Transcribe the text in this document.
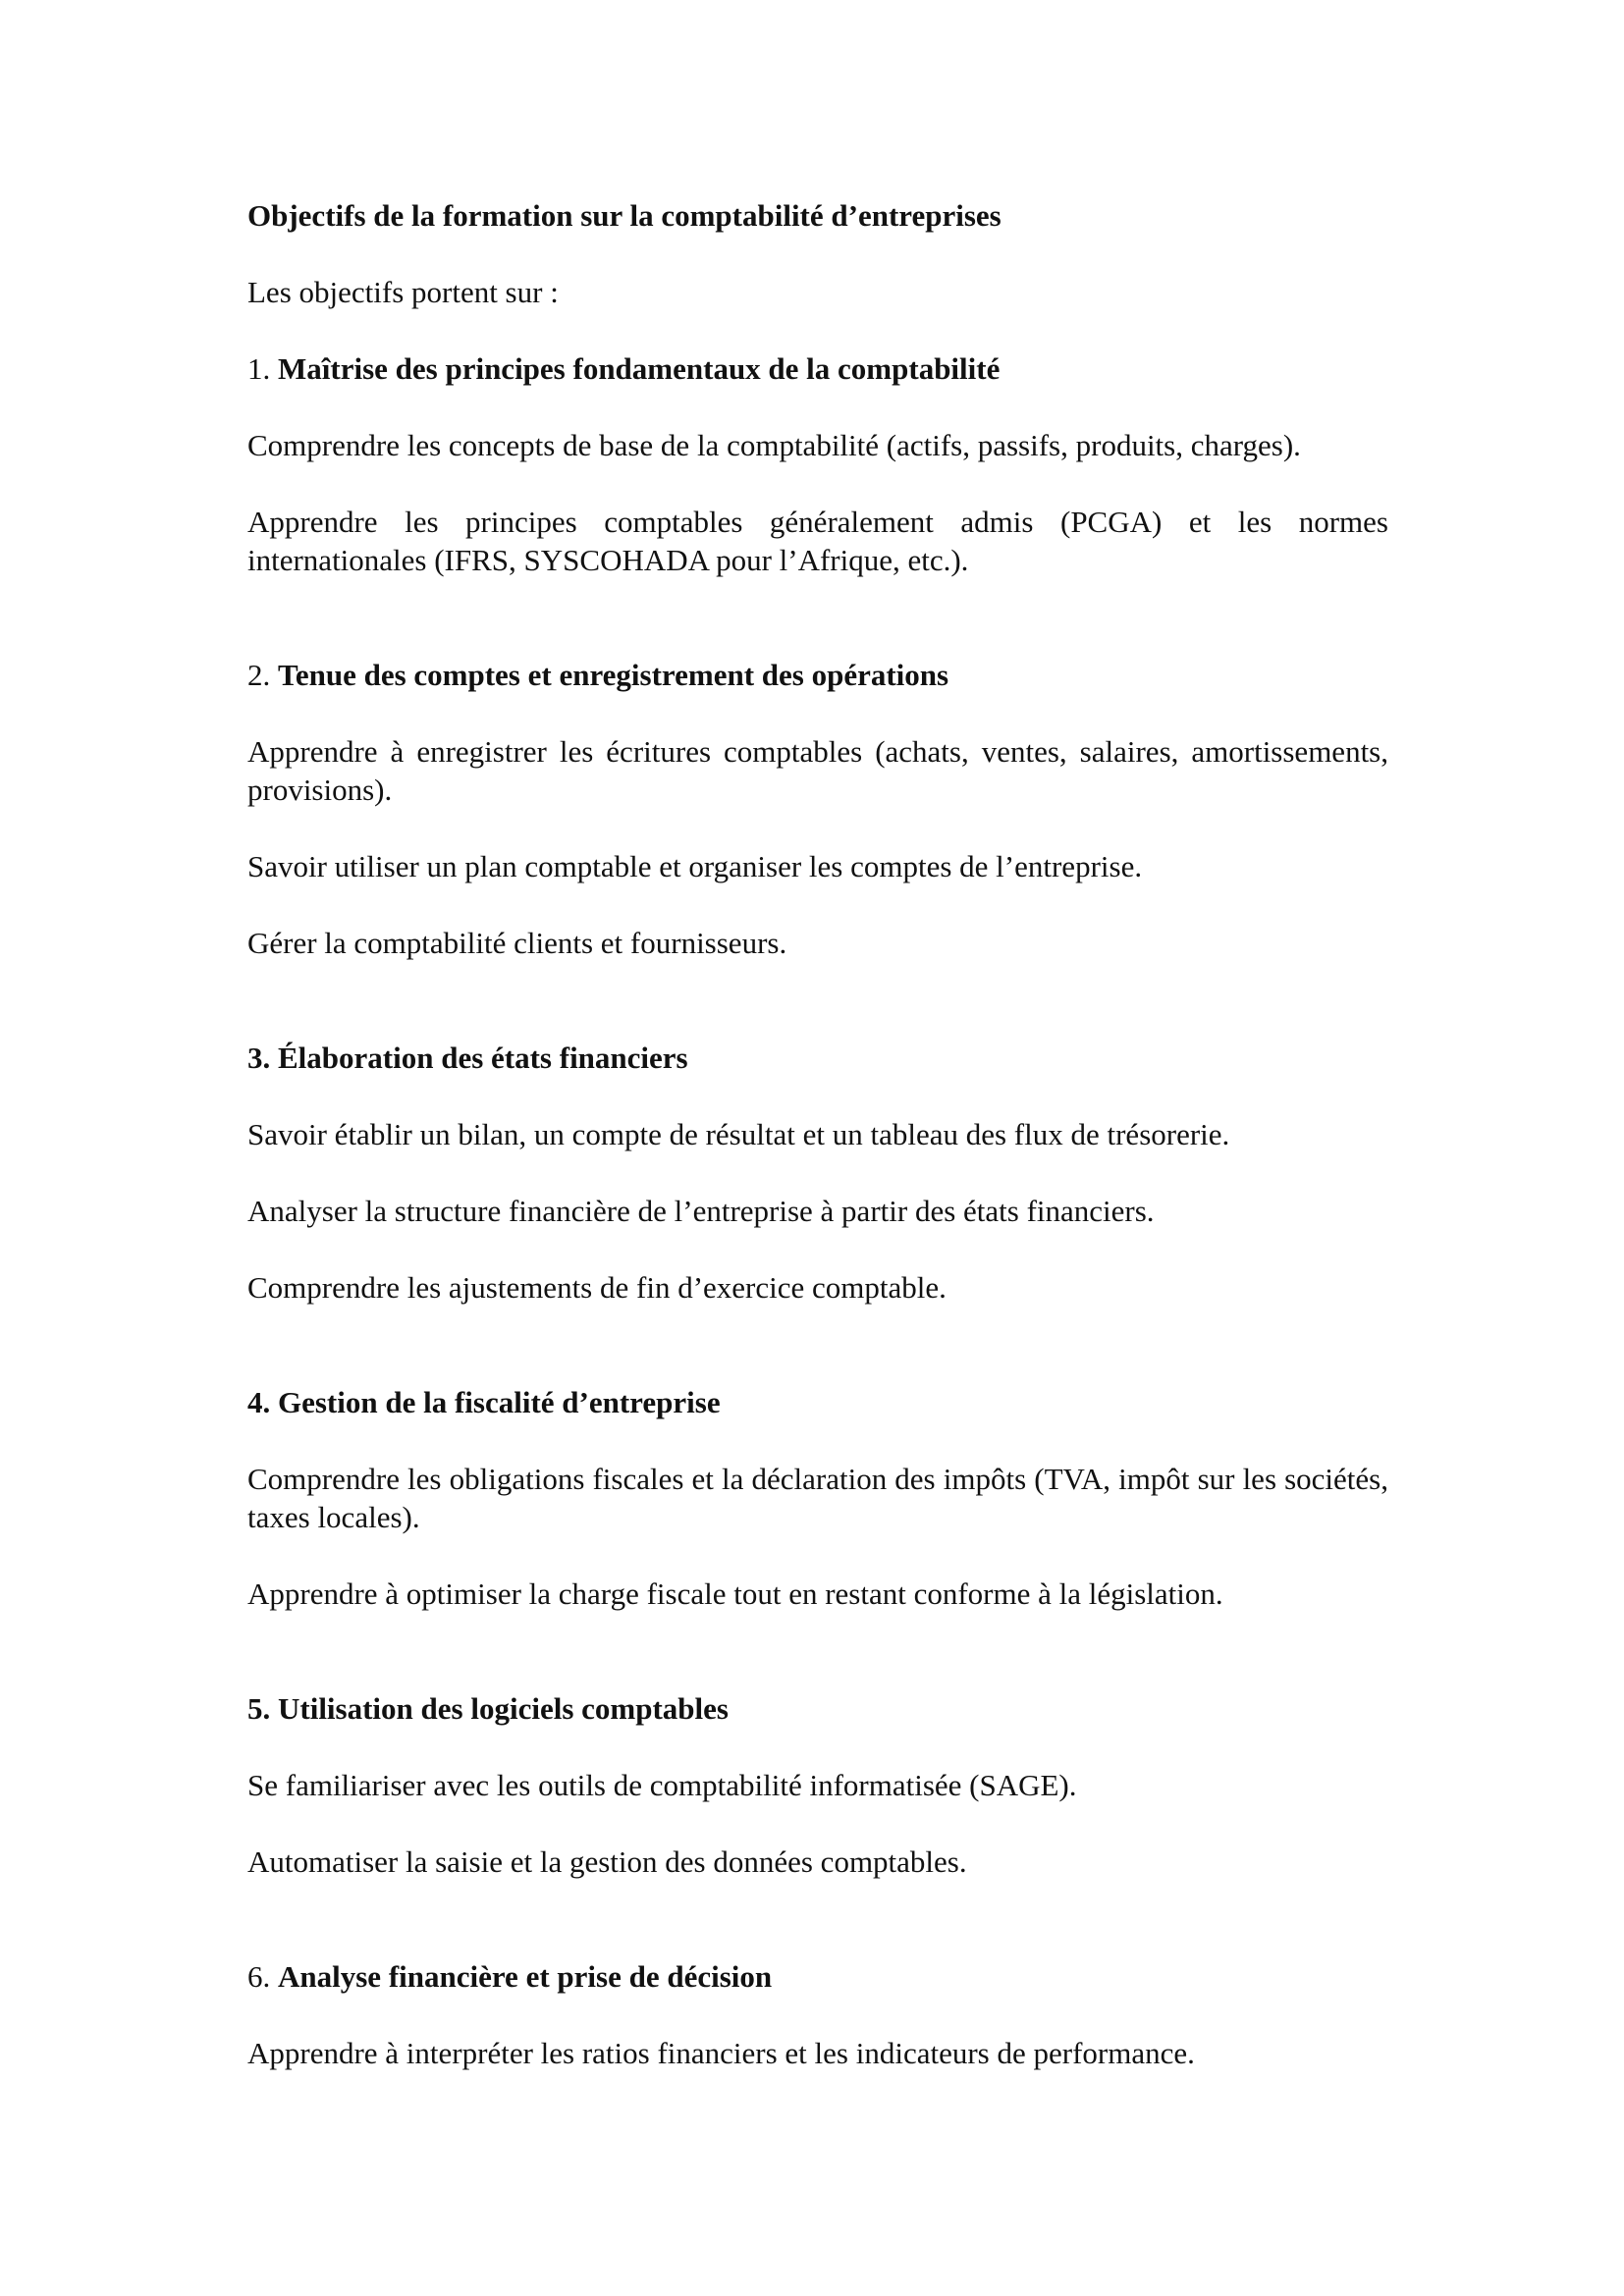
Objectifs de la formation sur la comptabilité d’entreprises

Les objectifs portent sur :

1. Maîtrise des principes fondamentaux de la comptabilité

Comprendre les concepts de base de la comptabilité (actifs, passifs, produits, charges).

Apprendre les principes comptables généralement admis (PCGA) et les normes internationales (IFRS, SYSCOHADA pour l’Afrique, etc.).

2. Tenue des comptes et enregistrement des opérations

Apprendre à enregistrer les écritures comptables (achats, ventes, salaires, amortissements, provisions).

Savoir utiliser un plan comptable et organiser les comptes de l’entreprise.

Gérer la comptabilité clients et fournisseurs.

3. Élaboration des états financiers

Savoir établir un bilan, un compte de résultat et un tableau des flux de trésorerie.

Analyser la structure financière de l’entreprise à partir des états financiers.

Comprendre les ajustements de fin d’exercice comptable.

4. Gestion de la fiscalité d’entreprise

Comprendre les obligations fiscales et la déclaration des impôts (TVA, impôt sur les sociétés, taxes locales).

Apprendre à optimiser la charge fiscale tout en restant conforme à la législation.

5. Utilisation des logiciels comptables

Se familiariser avec les outils de comptabilité informatisée (SAGE).

Automatiser la saisie et la gestion des données comptables.

6. Analyse financière et prise de décision

Apprendre à interpréter les ratios financiers et les indicateurs de performance.
